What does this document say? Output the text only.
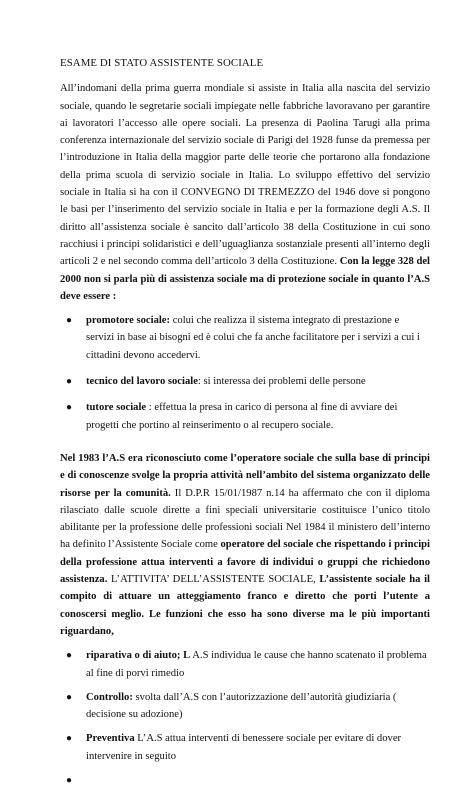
ESAME DI STATO ASSISTENTE SOCIALE

All’indomani della prima guerra mondiale si assiste in Italia alla nascita del servizio sociale, quando le segretarie sociali impiegate nelle fabbriche lavoravano per garantire ai lavoratori l’accesso alle opere sociali. La presenza di Paolina Tarugi alla prima conferenza internazionale del servizio sociale di Parigi del 1928 funse da premessa per l’introduzione in Italia della maggior parte delle teorie che portarono alla fondazione della prima scuola di servizio sociale in Italia. Lo sviluppo effettivo del servizio sociale in Italia si ha con il CONVEGNO DI TREMEZZO del 1946 dove si pongono le basi per l’inserimento del servizio sociale in Italia e per la formazione degli A.S. Il diritto all’assistenza sociale è sancito dall’articolo 38 della Costituzione in cui sono racchiusi i principi solidaristici e dell’uguaglianza sostanziale presenti all’interno degli articoli 2 e nel secondo comma dell’articolo 3 della Costituzione. Con la legge 328 del 2000 non si parla più di assistenza sociale ma di protezione sociale in quanto l’A.S deve essere :

● promotore sociale: colui che realizza il sistema integrato di prestazione e servizi in base ai bisogni ed è colui che fa anche facilitatore per i servizi a cui i cittadini devono accedervi.
● tecnico del lavoro sociale: si interessa dei problemi delle persone
● tutore sociale : effettua la presa in carico di persona al fine di avviare dei progetti che portino al reinserimento o al recupero sociale.

Nel 1983 l’A.S era riconosciuto come l’operatore sociale che sulla base di principi e di conoscenze svolge la propria attività nell’ambito del sistema organizzato delle risorse per la comunità. Il D.P.R 15/01/1987 n.14 ha affermato che con il diploma rilasciato dalle scuole dirette a fini speciali universitarie costituisce l’unico titolo abilitante per la professione delle professioni sociali Nel 1984 il ministero dell’interno ha definito l’Assistente Sociale come operatore del sociale che rispettando i principi della professione attua interventi a favore di individui o gruppi che richiedono assistenza. L’ATTIVITA’ DELL’ASSISTENTE SOCIALE, L’assistente sociale ha il compito di attuare un atteggiamento franco e diretto che porti l’utente a conoscersi meglio. Le funzioni che esso ha sono diverse ma le più importanti riguardano,

● riparativa o di aiuto; L A.S individua le cause che hanno scatenato il problema al fine di porvi rimedio
● Controllo: svolta dall’A.S con l’autorizzazione dell’autorità giudiziaria ( decisione su adozione)
● Preventiva L’A.S attua interventi di benessere sociale per evitare di dover intervenire in seguito
●
